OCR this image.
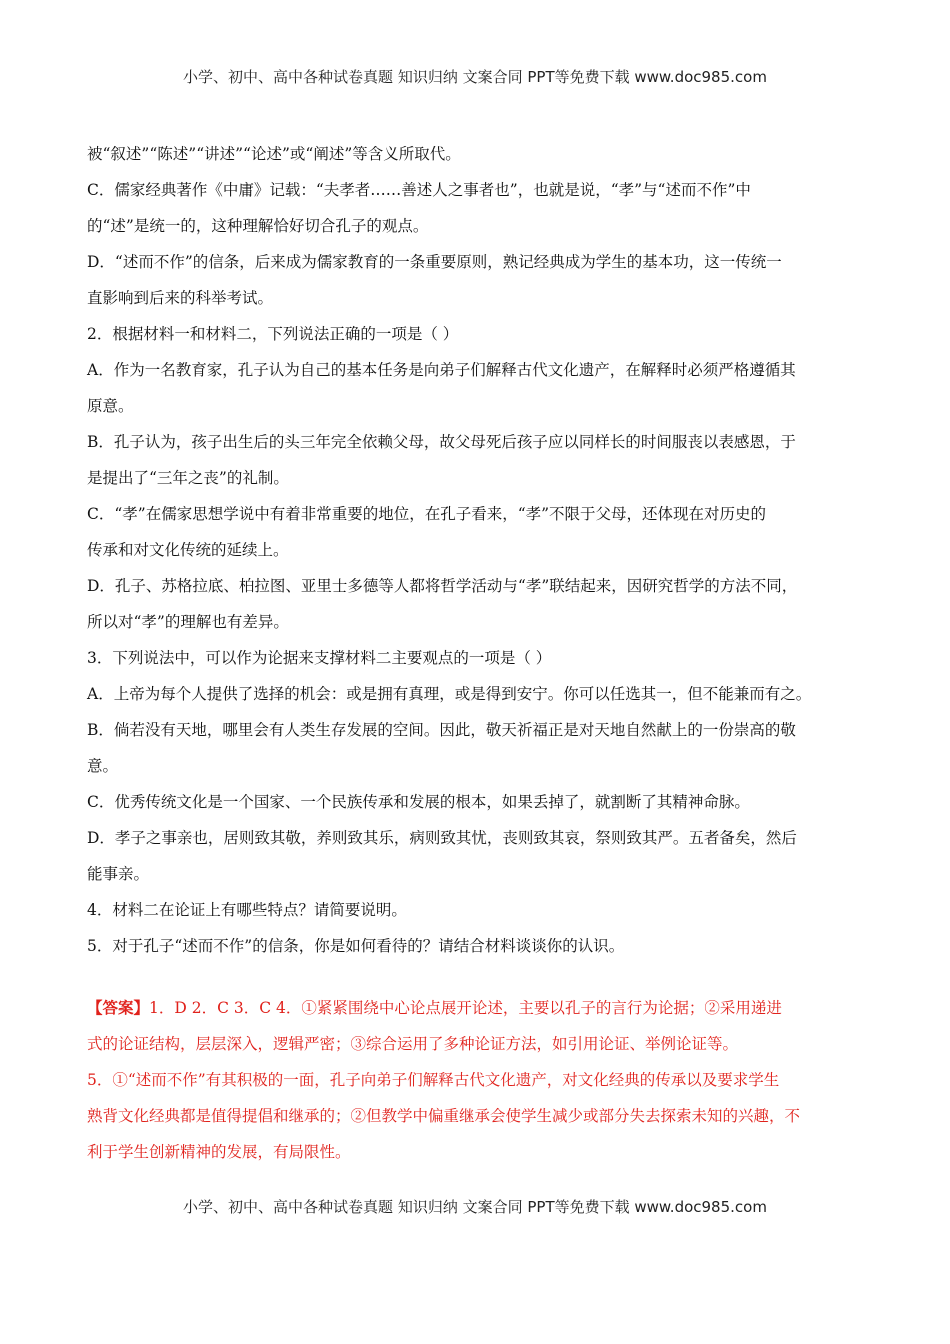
小学、初中、高中各种试卷真题 知识归纳 文案合同 PPT等免费下载 www.doc985.com

被“叙述”“陈述”“讲述”“论述”或“阐述”等含义所取代。

C．儒家经典著作《中庸》记载：“夫孝者……善述人之事者也”，也就是说，“孝”与“述而不作”中

的“述”是统一的，这种理解恰好切合孔子的观点。

D．“述而不作”的信条，后来成为儒家教育的一条重要原则，熟记经典成为学生的基本功，这一传统一

直影响到后来的科举考试。

2．根据材料一和材料二，下列说法正确的一项是（ ）

A．作为一名教育家，孔子认为自己的基本任务是向弟子们解释古代文化遗产，在解释时必须严格遵循其

原意。

B．孔子认为，孩子出生后的头三年完全依赖父母，故父母死后孩子应以同样长的时间服丧以表感恩，于

是提出了“三年之丧”的礼制。

C．“孝”在儒家思想学说中有着非常重要的地位，在孔子看来，“孝”不限于父母，还体现在对历史的

传承和对文化传统的延续上。

D．孔子、苏格拉底、柏拉图、亚里士多德等人都将哲学活动与“孝”联结起来，因研究哲学的方法不同，

所以对“孝”的理解也有差异。

3．下列说法中，可以作为论据来支撑材料二主要观点的一项是（ ）

A．上帝为每个人提供了选择的机会：或是拥有真理，或是得到安宁。你可以任选其一，但不能兼而有之。

B．倘若没有天地，哪里会有人类生存发展的空间。因此，敬天祈福正是对天地自然献上的一份崇高的敬

意。

C．优秀传统文化是一个国家、一个民族传承和发展的根本，如果丢掉了，就割断了其精神命脉。

D．孝子之事亲也，居则致其敬，养则致其乐，病则致其忧，丧则致其哀，祭则致其严。五者备矣，然后

能事亲。

4．材料二在论证上有哪些特点？请简要说明。

5．对于孔子“述而不作”的信条，你是如何看待的？请结合材料谈谈你的认识。

【答案】1．D 2．C 3．C 4．①紧紧围绕中心论点展开论述，主要以孔子的言行为论据；②采用递进

式的论证结构，层层深入，逻辑严密；③综合运用了多种论证方法，如引用论证、举例论证等。

5．①“述而不作”有其积极的一面，孔子向弟子们解释古代文化遗产，对文化经典的传承以及要求学生

熟背文化经典都是值得提倡和继承的；②但教学中偏重继承会使学生减少或部分失去探索未知的兴趣，不

利于学生创新精神的发展，有局限性。

小学、初中、高中各种试卷真题 知识归纳 文案合同 PPT等免费下载 www.doc985.com
